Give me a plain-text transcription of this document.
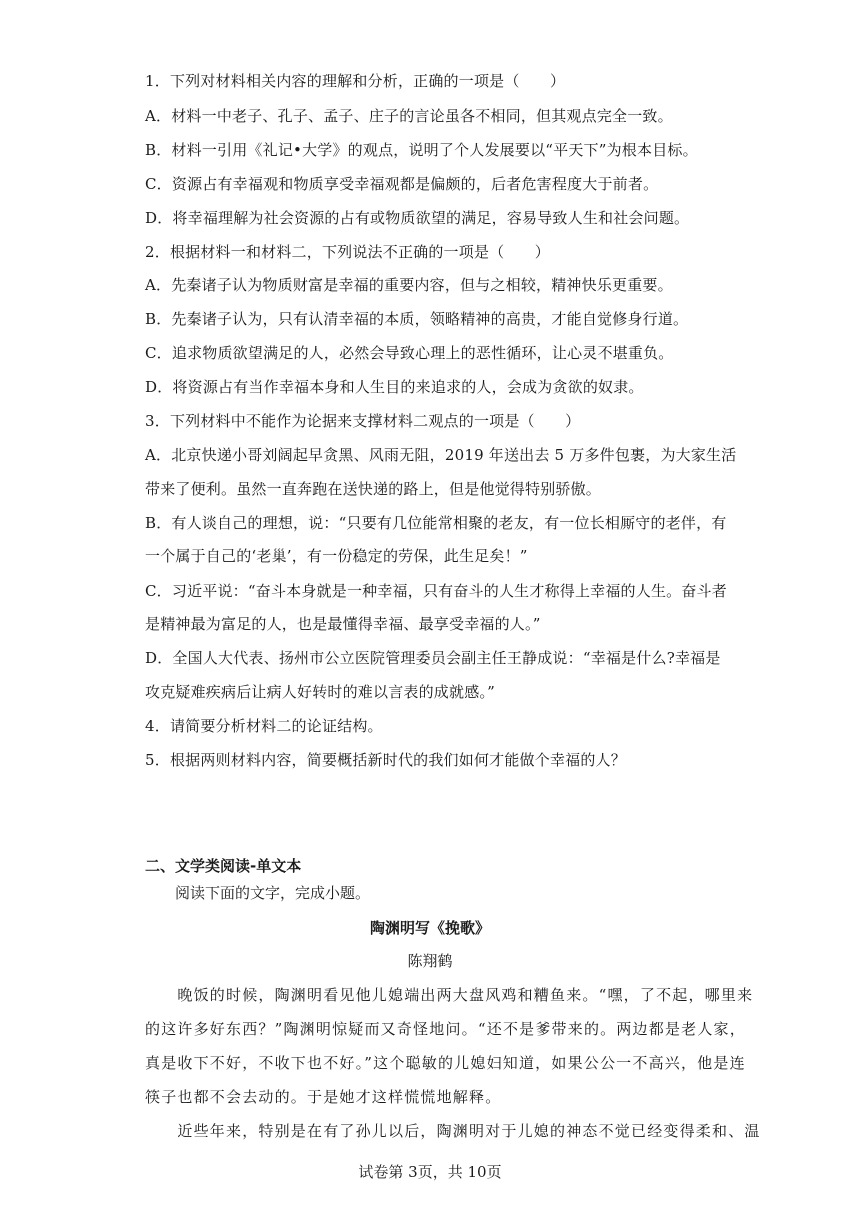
1．下列对材料相关内容的理解和分析，正确的一项是（　　）
A．材料一中老子、孔子、孟子、庄子的言论虽各不相同，但其观点完全一致。
B．材料一引用《礼记•大学》的观点，说明了个人发展要以“平天下”为根本目标。
C．资源占有幸福观和物质享受幸福观都是偏颇的，后者危害程度大于前者。
D．将幸福理解为社会资源的占有或物质欲望的满足，容易导致人生和社会问题。
2．根据材料一和材料二，下列说法不正确的一项是（　　）
A．先秦诸子认为物质财富是幸福的重要内容，但与之相较，精神快乐更重要。
B．先秦诸子认为，只有认清幸福的本质，领略精神的高贵，才能自觉修身行道。
C．追求物质欲望满足的人，必然会导致心理上的恶性循环，让心灵不堪重负。
D．将资源占有当作幸福本身和人生目的来追求的人，会成为贪欲的奴隶。
3．下列材料中不能作为论据来支撑材料二观点的一项是（　　）
A．北京快递小哥刘阔起早贪黑、风雨无阻，2019 年送出去 5 万多件包裹，为大家生活
带来了便利。虽然一直奔跑在送快递的路上，但是他觉得特别骄傲。
B．有人谈自己的理想，说：“只要有几位能常相聚的老友，有一位长相厮守的老伴，有
一个属于自己的‘老巢’，有一份稳定的劳保，此生足矣！”
C．习近平说：“奋斗本身就是一种幸福，只有奋斗的人生才称得上幸福的人生。奋斗者
是精神最为富足的人，也是最懂得幸福、最享受幸福的人。”
D．全国人大代表、扬州市公立医院管理委员会副主任王静成说：“幸福是什么?幸福是
攻克疑难疾病后让病人好转时的难以言表的成就感。”
4．请简要分析材料二的论证结构。
5．根据两则材料内容，简要概括新时代的我们如何才能做个幸福的人？
二、文学类阅读-单文本
阅读下面的文字，完成小题。
陶渊明写《挽歌》
陈翔鹤
　　晚饭的时候，陶渊明看见他儿媳端出两大盘风鸡和糟鱼来。“嘿，了不起，哪里来
的这许多好东西？”陶渊明惊疑而又奇怪地问。“还不是爹带来的。两边都是老人家，
真是收下不好，不收下也不好。”这个聪敏的儿媳妇知道，如果公公一不高兴，他是连
筷子也都不会去动的。于是她才这样慌慌地解释。
　　近些年来，特别是在有了孙儿以后，陶渊明对于儿媳的神态不觉已经变得柔和、温
试卷第 3页，共 10页
